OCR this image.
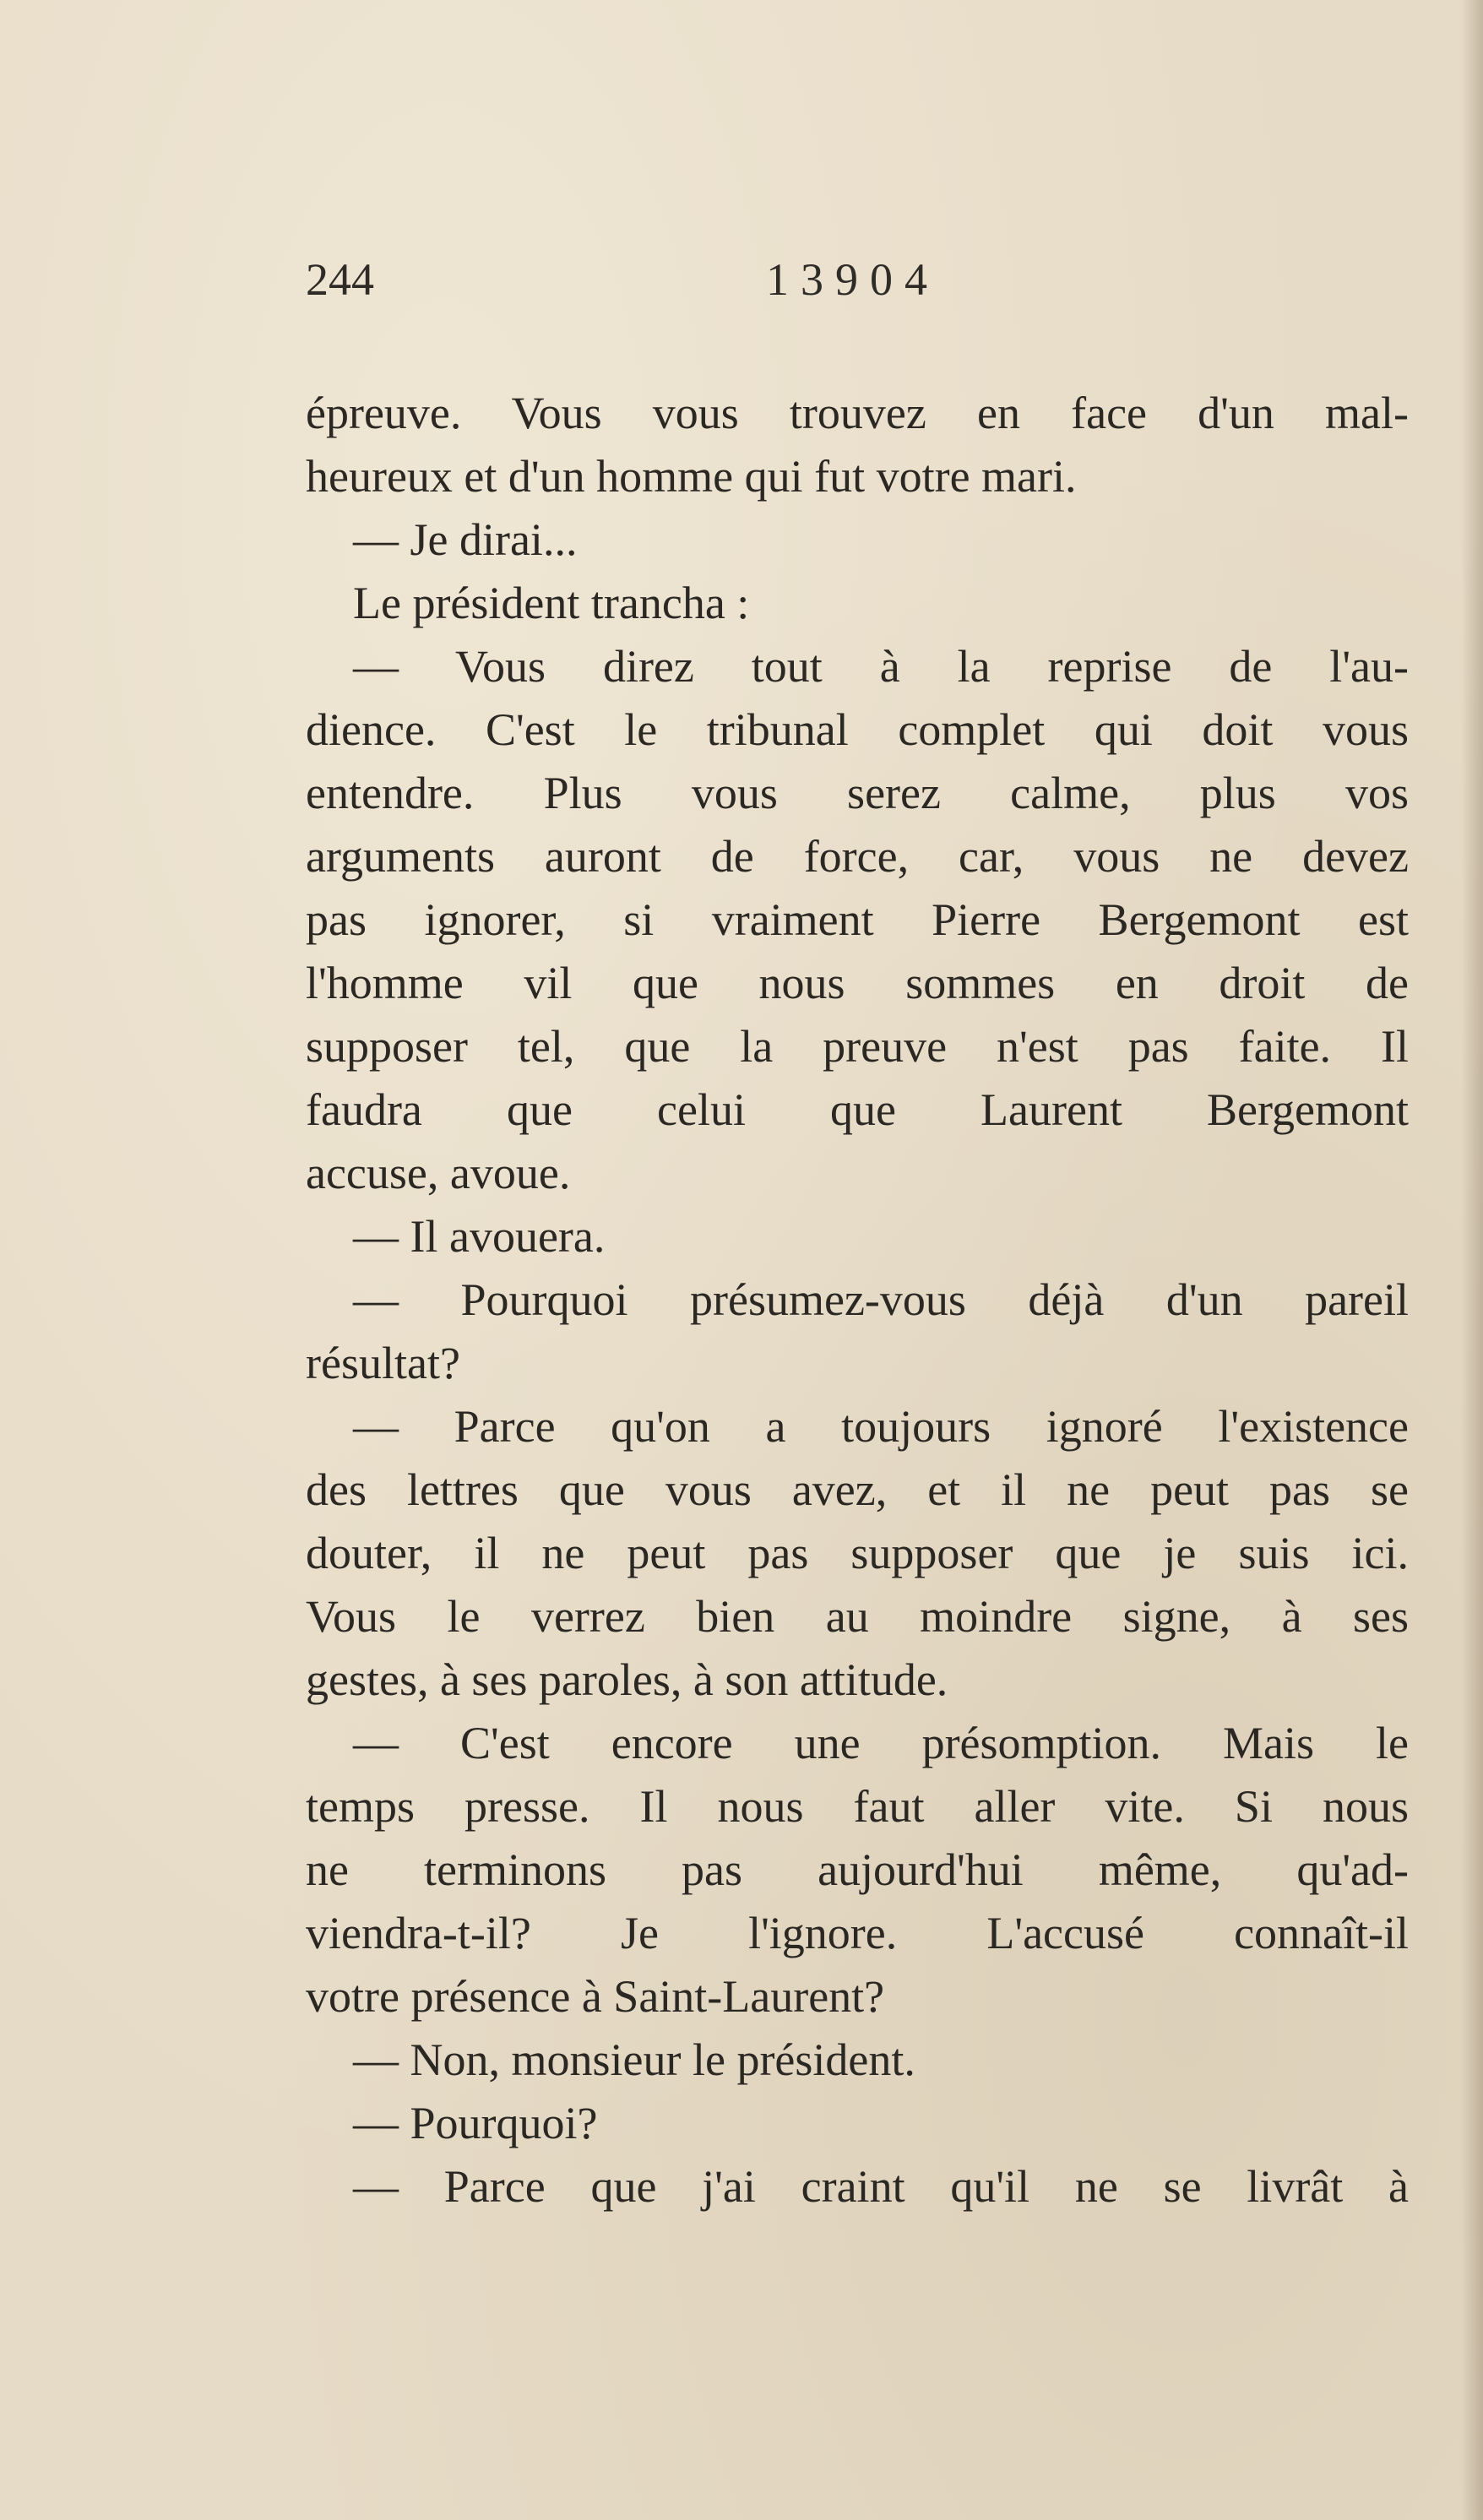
244	13904
épreuve. Vous vous trouvez en face d'un mal-
heureux et d'un homme qui fut votre mari.
— Je dirai...
Le président trancha :
— Vous direz tout à la reprise de l'au-
dience. C'est le tribunal complet qui doit vous
entendre. Plus vous serez calme, plus vos
arguments auront de force, car, vous ne devez
pas ignorer, si vraiment Pierre Bergemont est
l'homme vil que nous sommes en droit de
supposer tel, que la preuve n'est pas faite. Il
faudra que celui que Laurent Bergemont
accuse, avoue.
— Il avouera.
— Pourquoi présumez-vous déjà d'un pareil
résultat?
— Parce qu'on a toujours ignoré l'existence
des lettres que vous avez, et il ne peut pas se
douter, il ne peut pas supposer que je suis ici.
Vous le verrez bien au moindre signe, à ses
gestes, à ses paroles, à son attitude.
— C'est encore une présomption. Mais le
temps presse. Il nous faut aller vite. Si nous
ne terminons pas aujourd'hui même, qu'ad-
viendra-t-il? Je l'ignore. L'accusé connaît-il
votre présence à Saint-Laurent?
— Non, monsieur le président.
— Pourquoi?
— Parce que j'ai craint qu'il ne se livrât à
